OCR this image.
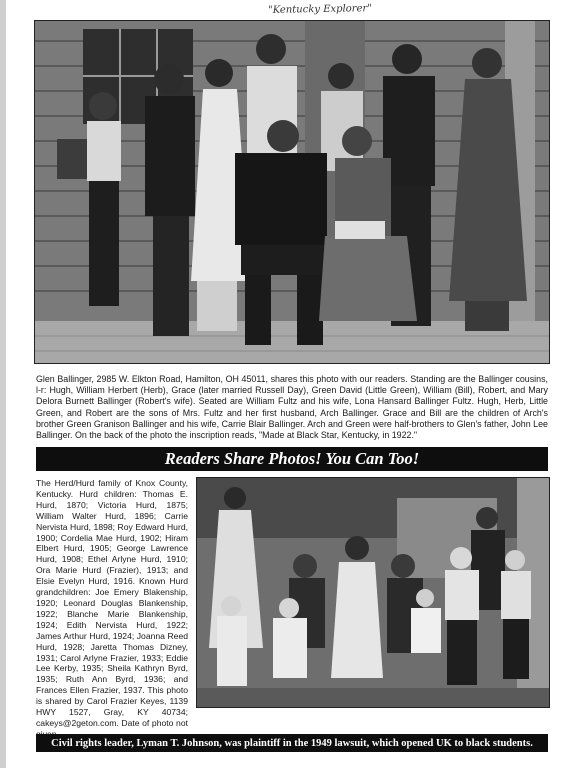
"Kentucky Explorer"

Glen Ballinger, 2985 W. Elkton Road, Hamilton, OH 45011, shares this photo with our readers. Standing are the Ballinger cousins, l-r: Hugh, William Herbert (Herb), Grace (later married Russell Day), Green David (Little Green), William (Bill), Robert, and Mary Delora Burnett Ballinger (Robert's wife). Seated are William Fultz and his wife, Lona Hansard Ballinger Fultz. Hugh, Herb, Little Green, and Robert are the sons of Mrs. Fultz and her first husband, Arch Ballinger. Grace and Bill are the children of Arch's brother Green Granison Ballinger and his wife, Carrie Blair Ballinger. Arch and Green were half-brothers to Glen's father, John Lee Ballinger. On the back of the photo the inscription reads, "Made at Black Star, Kentucky, in 1922."

Readers Share Photos! You Can Too!

The Herd/Hurd family of Knox County, Kentucky. Hurd children: Thomas E. Hurd, 1870; Victoria Hurd, 1875; William Walter Hurd, 1896; Carrie Nervista Hurd, 1898; Roy Edward Hurd, 1900; Cordelia Mae Hurd, 1902; Hiram Elbert Hurd, 1905; George Lawrence Hurd, 1908; Ethel Arlyne Hurd, 1910; Ora Marie Hurd (Frazier), 1913; and Elsie Evelyn Hurd, 1916. Known Hurd grandchildren: Joe Emery Blakenship, 1920; Leonard Douglas Blankenship, 1922; Blanche Marie Blankenship, 1924; Edith Nervista Hurd, 1922; James Arthur Hurd, 1924; Joanna Reed Hurd, 1928; Jaretta Thomas Dizney, 1931; Carol Arlyne Frazier, 1933; Eddie Lee Kerby, 1935; Sheila Kathryn Byrd, 1935; Ruth Ann Byrd, 1936; and Frances Ellen Frazier, 1937. This photo is shared by Carol Frazier Keyes, 1139 HWY 1527, Gray, KY 40734; cakeys@2geton.com. Date of photo not

Civil rights leader, Lyman T. Johnson, was plaintiff in the 1949 lawsuit, which opened UK to black students.
